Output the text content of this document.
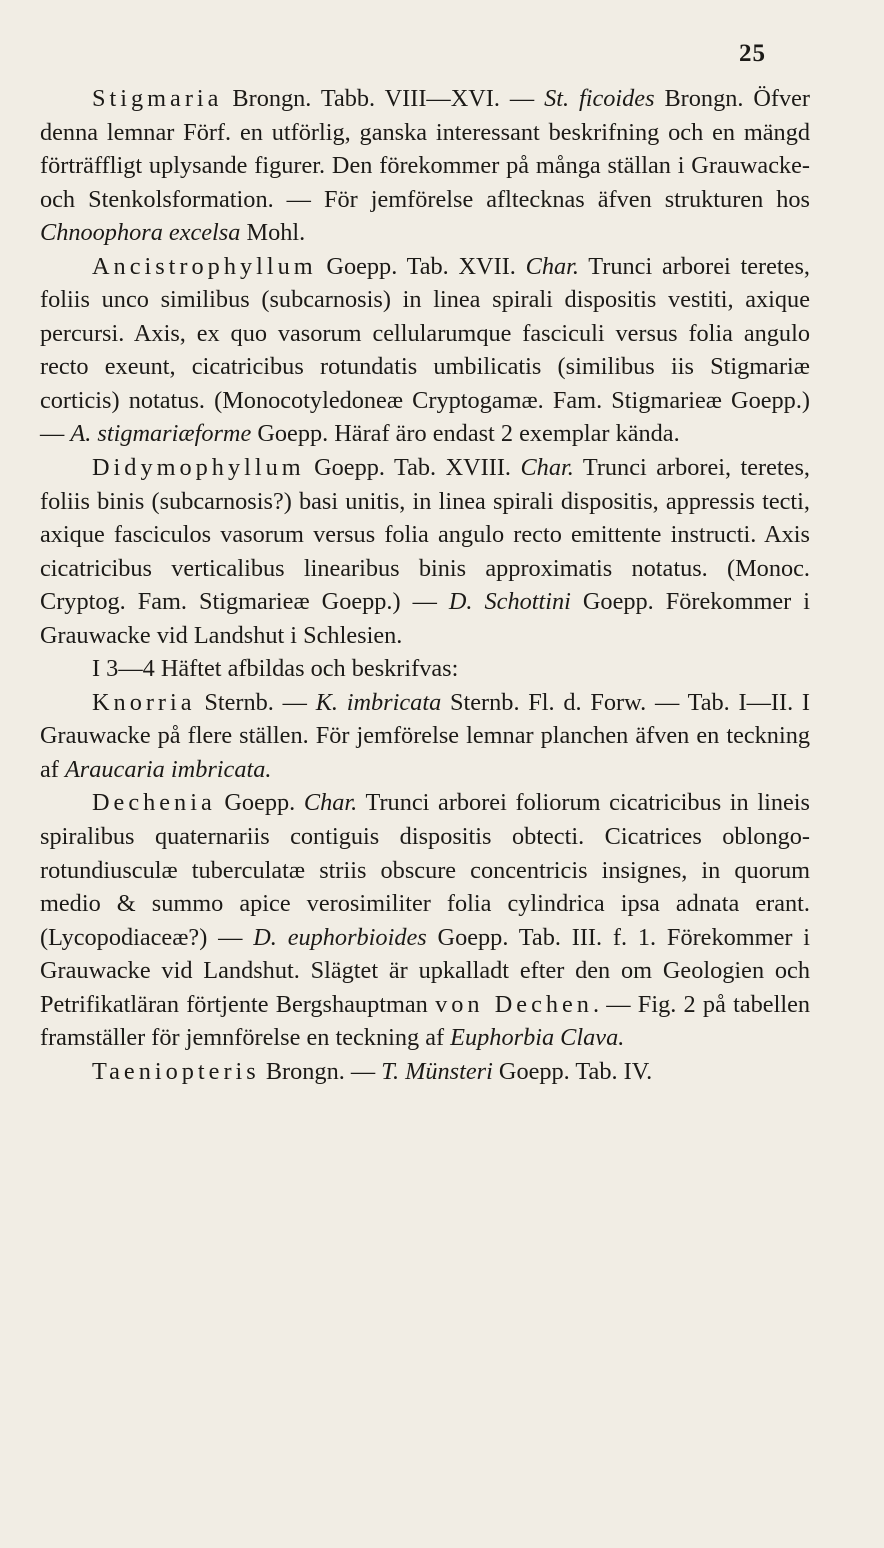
25

Stigmaria Brongn. Tabb. VIII—XVI. — St. ficoides Brongn. Öfver denna lemnar Förf. en utförlig, ganska interessant beskrifning och en mängd förträffligt uplysande figurer. Den förekommer på många ställan i Grauwacke- och Stenkolsformation. — För jemförelse afltecknas äfven strukturen hos Chnoophora excelsa Mohl.

Ancistrophyllum Goepp. Tab. XVII. Char. Trunci arborei teretes, foliis unco similibus (subcarnosis) in linea spirali dispositis vestiti, axique percursi. Axis, ex quo vasorum cellularumque fasciculi versus folia angulo recto exeunt, cicatricibus rotundatis umbilicatis (similibus iis Stigmariæ corticis) notatus. (Monocotyledoneæ Cryptogamæ. Fam. Stigmarieæ Goepp.) — A. stigmariæforme Goepp. Häraf äro endast 2 exemplar kända.

Didymophyllum Goepp. Tab. XVIII. Char. Trunci arborei, teretes, foliis binis (subcarnosis?) basi unitis, in linea spirali dispositis, appressis tecti, axique fasciculos vasorum versus folia angulo recto emittente instructi. Axis cicatricibus verticalibus linearibus binis approximatis notatus. (Monoc. Cryptog. Fam. Stigmarieæ Goepp.) — D. Schottini Goepp. Förekommer i Grauwacke vid Landshut i Schlesien.

I 3—4 Häftet afbildas och beskrifvas:

Knorria Sternb. — K. imbricata Sternb. Fl. d. Forw. — Tab. I—II. I Grauwacke på flere ställen. För jemförelse lemnar planchen äfven en teckning af Araucaria imbricata.

Dechenia Goepp. Char. Trunci arborei foliorum cicatricibus in lineis spiralibus quaternariis contiguis dispositis obtecti. Cicatrices oblongo-rotundiusculæ tuberculatæ striis obscure concentricis insignes, in quorum medio & summo apice verosimiliter folia cylindrica ipsa adnata erant. (Lycopodiaceæ?) — D. euphorbioides Goepp. Tab. III. f. 1. Förekommer i Grauwacke vid Landshut. Slägtet är upkalladt efter den om Geologien och Petrifikatläran förtjente Bergshauptman von Dechen. — Fig. 2 på tabellen framställer för jemnförelse en teckning af Euphorbia Clava.

Taeniopteris Brongn. — T. Münsteri Goepp. Tab. IV.
